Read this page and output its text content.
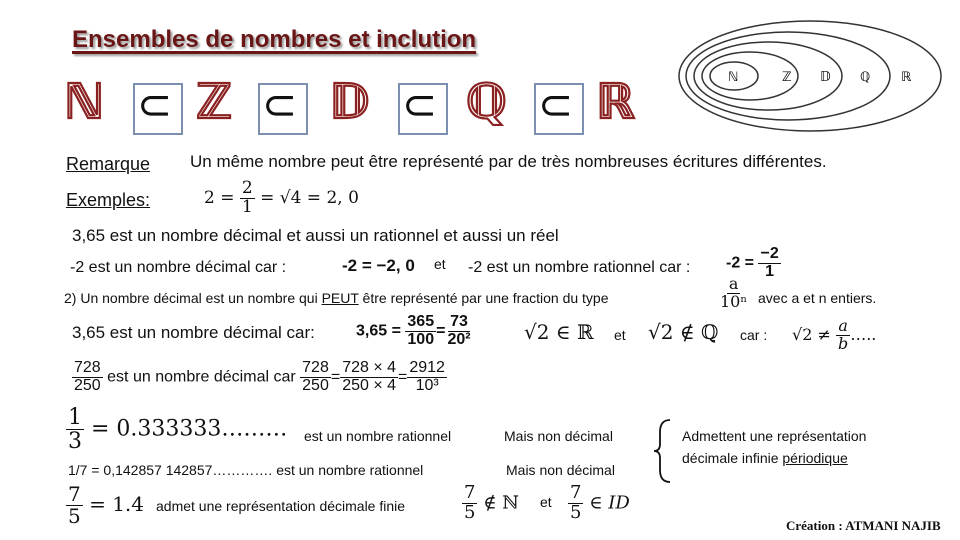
Ensembles de nombres et inclution
ℕ ⊂ ℤ ⊂ 𝔻 ⊂ ℚ ⊂ ℝ	ℕ	ℤ 𝔻 ℚ ℝ
Remarque Un même nombre peut être représenté par de très nombreuses écritures différentes.
Exemples:	$2 = \frac{2}{1} = √4 = 2$, 0
3,65 est un nombre décimal et aussi un rationnel et aussi un réel
-2 est un nombre décimal car :	-2 = −2, 0 et -2 est un nombre rationnel car : $-2 = \frac{-2}{1}$
2) Un nombre décimal est un nombre qui PEUT être représenté par une fraction du type	$\frac{a}{\text{10ⁿ}}$ avec a et n entiers.
3,65 est un nombre décimal car:	$3,65 = \frac{365}{100} = \frac{73}{\text{20²}}$	√2 ∈ ℝ et √2 ∉ ℚ car : $√2 \ne \frac{a}{b}$ …..
$\frac{728}{250}$ est un nombre décimal car $\frac{728}{250} = \frac{728 \times 4}{250 \times 4} = \frac{2912}{\text{10³}}$
$\frac{1}{3}$ = 0.333333……… est un nombre rationnel	Mais non décimal
1/7 = 0,142857 142857…………. est un nombre rationnel	Mais non décimal
Admettent une représentation
décimale infinie périodique
$\frac{7}{5} = 1.4$ admet une représentation décimale finie	$\frac{7}{5}$ ∉ ℕ et $\frac{7}{5}$ ∈ ID
Création : ATMANI NAJIB
